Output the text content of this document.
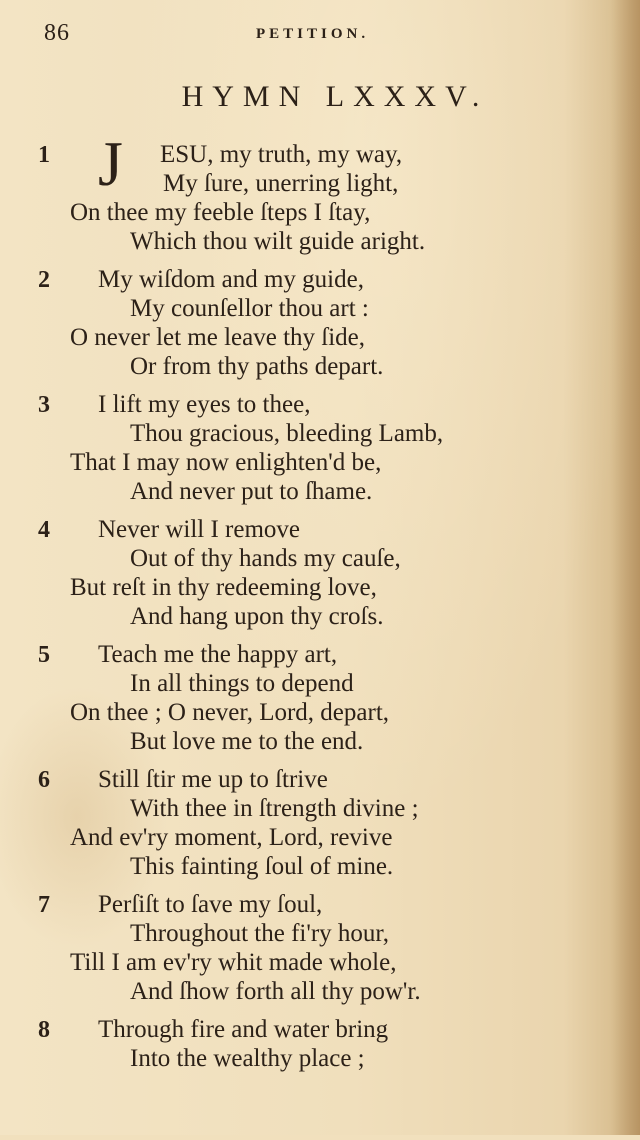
86	PETITION.
HYMN LXXXV.
1 J ESU, my truth, my way,
My ſure, unerring light,
On thee my feeble ſteps I ſtay,
Which thou wilt guide aright.
2 My wiſdom and my guide,
My counſellor thou art :
O never let me leave thy ſide,
Or from thy paths depart.
3 I lift my eyes to thee,
Thou gracious, bleeding Lamb,
That I may now enlighten'd be,
And never put to ſhame.
4 Never will I remove
Out of thy hands my cauſe,
But reſt in thy redeeming love,
And hang upon thy croſs.
5 Teach me the happy art,
In all things to depend
On thee ; O never, Lord, depart,
But love me to the end.
6 Still ſtir me up to ſtrive
With thee in ſtrength divine ;
And ev'ry moment, Lord, revive
This fainting ſoul of mine.
7 Perſiſt to ſave my ſoul,
Throughout the fi'ry hour,
Till I am ev'ry whit made whole,
And ſhow forth all thy pow'r.
8 Through fire and water bring
Into the wealthy place ;
